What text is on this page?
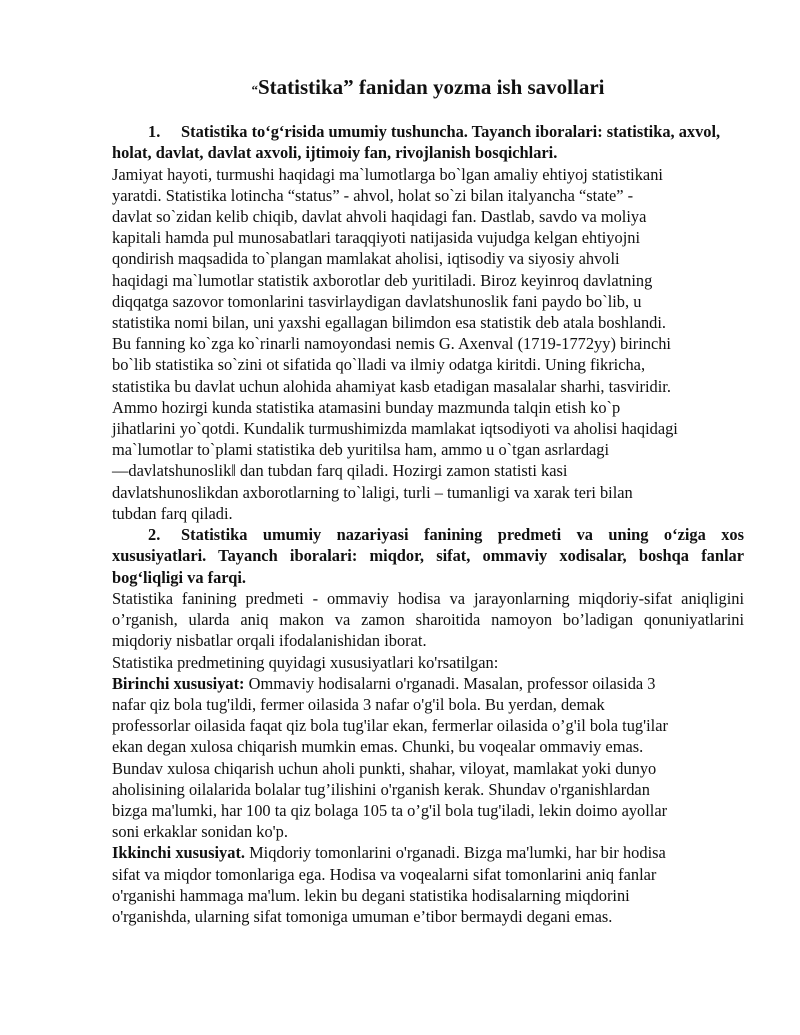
“Statistika” fanidan yozma ish savollari

1. Statistika to‘g‘risida umumiy tushuncha. Tayanch iboralari: statistika, axvol, holat, davlat, davlat axvoli, ijtimoiy fan, rivojlanish bosqichlari.

Jamiyat hayoti, turmushi haqidagi ma`lumotlarga bo`lgan amaliy ehtiyoj statistikani
yaratdi. Statistika lotincha “status” - ahvol, holat so`zi bilan italyancha “state” -
davlat so`zidan kelib chiqib, davlat ahvoli haqidagi fan. Dastlab, savdo va moliya
kapitali hamda pul munosabatlari taraqqiyoti natijasida vujudga kelgan ehtiyojni
qondirish maqsadida to`plangan mamlakat aholisi, iqtisodiy va siyosiy ahvoli
haqidagi ma`lumotlar statistik axborotlar deb yuritiladi. Biroz keyinroq davlatning
diqqatga sazovor tomonlarini tasvirlaydigan davlatshunoslik fani paydo bo`lib, u
statistika nomi bilan, uni yaxshi egallagan bilimdon esa statistik deb atala boshlandi.
Bu fanning ko`zga ko`rinarli namoyondasi nemis G. Axenval (1719-1772yy) birinchi
bo`lib statistika so`zini ot sifatida qo`lladi va ilmiy odatga kiritdi. Uning fikricha,
statistika bu davlat uchun alohida ahamiyat kasb etadigan masalalar sharhi, tasviridir.
Ammo hozirgi kunda statistika atamasini bunday mazmunda talqin etish ko`p
jihatlarini yo`qotdi. Kundalik turmushimizda mamlakat iqtsodiyoti va aholisi haqidagi
ma`lumotlar to`plami statistika deb yuritilsa ham, ammo u o`tgan asrlardagi
—davlatshunoslik‖ dan tubdan farq qiladi. Hozirgi zamon statisti kasi
davlatshunoslikdan axborotlarning to`laligi, turli – tumanligi va xarak teri bilan
tubdan farq qiladi.

2. Statistika umumiy nazariyasi fanining predmeti va uning o‘ziga xos xususiyatlari. Tayanch iboralari: miqdor, sifat, ommaviy xodisalar, boshqa fanlar bog‘liqligi va farqi.

Statistika fanining predmeti - ommaviy hodisa va jarayonlarning miqdoriy-sifat aniqligini o’rganish, ularda aniq makon va zamon sharoitida namoyon bo’ladigan qonuniyatlarini miqdoriy nisbatlar orqali ifodalanishidan iborat.

Statistika predmetining quyidagi xususiyatlari ko'rsatilgan:

Birinchi xususiyat: Ommaviy hodisalarni o'rganadi. Masalan, professor oilasida 3
nafar qiz bola tug'ildi, fermer oilasida 3 nafar o'g'il bola. Bu yerdan, demak
professorlar oilasida faqat qiz bola tug'ilar ekan, fermerlar oilasida o’g'il bola tug'ilar
ekan degan xulosa chiqarish mumkin emas. Chunki, bu voqealar ommaviy emas.
Bundav xulosa chiqarish uchun aholi punkti, shahar, viloyat, mamlakat yoki dunyo
aholisining oilalarida bolalar tug’ilishini o'rganish kerak. Shundav o'rganishlardan
bizga ma'lumki, har 100 ta qiz bolaga 105 ta o’g'il bola tug'iladi, lekin doimo ayollar
soni erkaklar sonidan ko'p.
Ikkinchi xususiyat. Miqdoriy tomonlarini o'rganadi. Bizga ma'lumki, har bir hodisa
sifat va miqdor tomonlariga ega. Hodisa va voqealarni sifat tomonlarini aniq fanlar
o'rganishi hammaga ma'lum. lekin bu degani statistika hodisalarning miqdorini
o'rganishda, ularning sifat tomoniga umuman e’tibor bermaydi degani emas.
